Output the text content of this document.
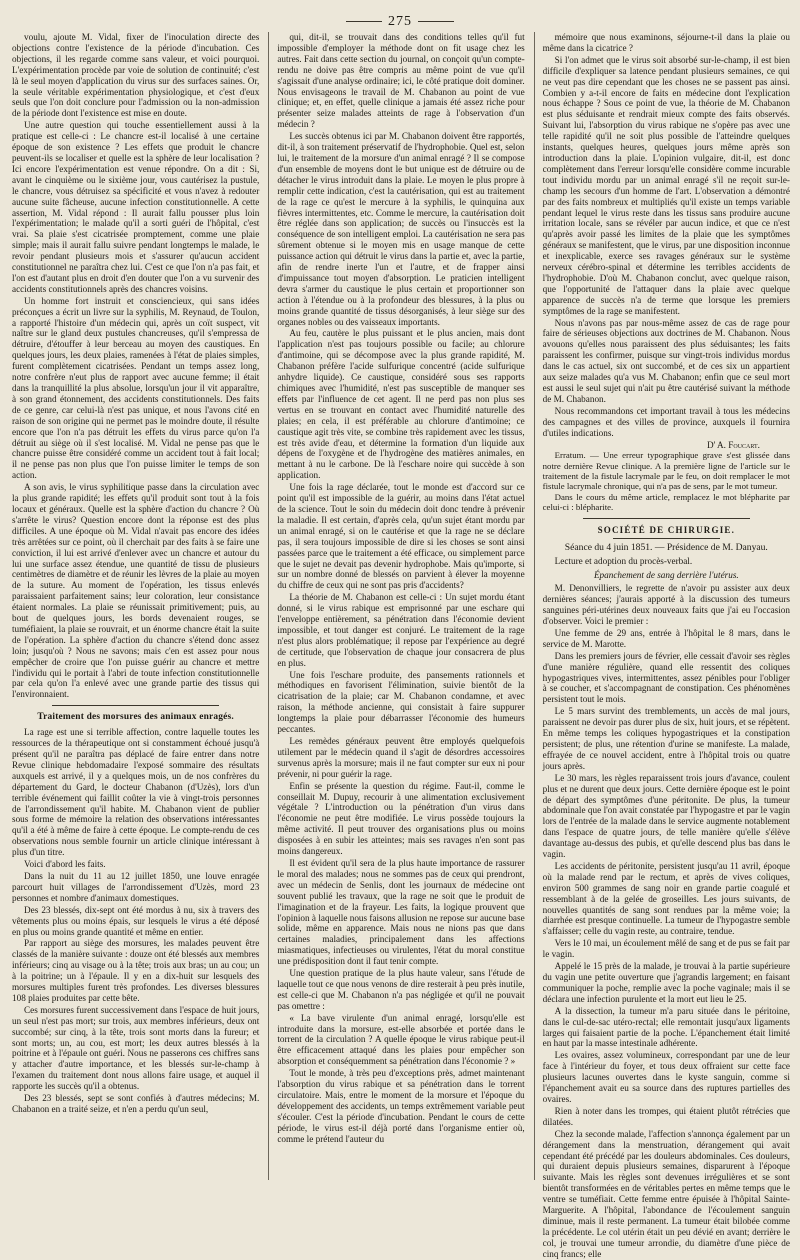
275

voulu, ajoute M. Vidal, fixer de l'inoculation directe des objections contre l'existence de la période d'incubation. Ces objections, il les regarde comme sans valeur, et voici pourquoi. L'expérimentation procède par voie de solution de continuité; c'est là le seul moyen d'application du virus sur des surfaces saines. Or, la seule véritable expérimentation physiologique, et c'est d'eux seuls que l'on doit conclure pour l'admission ou la non-admission de la période dont l'existence est mise en doute.

Une autre question qui touche essentiellement aussi à la pratique est celle-ci : Le chancre est-il localisé à une certaine époque de son existence ? Les effets que produit le chancre peuvent-ils se localiser et quelle est la sphère de leur localisation ? Ici encore l'expérimentation est venue répondre. On a dit : Si, avant le cinquième ou le sixième jour, vous cautérisez la pustule, le chancre, vous détruisez sa spécificité et vous n'avez à redouter aucune suite fâcheuse, aucune infection constitutionnelle. A cette assertion, M. Vidal répond : Il aurait fallu pousser plus loin l'expérimentation; le malade qu'il a sorti guéri de l'hôpital, c'est vrai. Sa plaie s'est cicatrisée promptement, comme une plaie simple; mais il aurait fallu suivre pendant longtemps le malade, le revoir pendant plusieurs mois et s'assurer qu'aucun accident constitutionnel ne paraîtra chez lui. C'est ce que l'on n'a pas fait, et l'on est d'autant plus en droit d'en douter que l'on a vu survenir des accidents constitutionnels après des chancres voisins.

Un homme fort instruit et consciencieux, qui sans idées préconçues a écrit un livre sur la syphilis, M. Reynaud, de Toulon, a rapporté l'histoire d'un médecin qui, après un coït suspect, vit naître sur le gland deux pustules chancreuses, qu'il s'empressa de détruire, d'étouffer à leur berceau au moyen des caustiques. En quelques jours, les deux plaies, ramenées à l'état de plaies simples, furent complètement cicatrisées. Pendant un temps assez long, notre confrère n'eut plus de rapport avec aucune femme; il était dans la tranquillité la plus absolue, lorsqu'un jour il vit apparaître, à son grand étonnement, des accidents constitutionnels. Des faits de ce genre, car celui-là n'est pas unique, et nous l'avons cité en raison de son origine qui ne permet pas le moindre doute, il résulte encore que l'on n'a pas détruit les effets du virus parce qu'on l'a détruit au siège où il s'est localisé. M. Vidal ne pense pas que le chancre puisse être considéré comme un accident tout à fait local; il ne pense pas non plus que l'on puisse limiter le temps de son action.

A son avis, le virus syphilitique passe dans la circulation avec la plus grande rapidité; les effets qu'il produit sont tout à la fois locaux et généraux. Quelle est la sphère d'action du chancre ? Où s'arrête le virus? Question encore dont la réponse est des plus difficiles. A une époque où M. Vidal n'avait pas encore des idées très arrêtées sur ce point, où il cherchait par des faits à se faire une conviction, il lui est arrivé d'enlever avec un chancre et autour du lui une surface assez étendue, une quantité de tissu de plusieurs centimètres de diamètre et de réunir les lèvres de la plaie au moyen de la suture. Au moment de l'opération, les tissus enlevés paraissaient parfaitement sains; leur coloration, leur consistance étaient normales. La plaie se réunissait primitivement; puis, au bout de quelques jours, les bords devenaient rouges, se tuméfiaient, la plaie se rouvrait, et un énorme chancre était la suite de l'opération. La sphère d'action du chancre s'étend donc assez loin; jusqu'où ? Nous ne savons; mais c'en est assez pour nous empêcher de croire que l'on puisse guérir au chancre et mettre l'individu qui le portait à l'abri de toute infection constitutionnelle par cela qu'on l'a enlevé avec une grande partie des tissus qui l'environnaient.

Traitement des morsures des animaux enragés.

La rage est une si terrible affection, contre laquelle toutes les ressources de la thérapeutique ont si constamment échoué jusqu'à présent qu'il ne paraîtra pas déplacé de faire entrer dans notre Revue clinique hebdomadaire l'exposé sommaire des résultats auxquels est arrivé, il y a quelques mois, un de nos confrères du département du Gard, le docteur Chabanon (d'Uzès), lors d'un terrible événement qui faillit coûter la vie à vingt-trois personnes de l'arrondissement qu'il habite. M. Chabanon vient de publier sous forme de mémoire la relation des observations intéressantes qu'il a été à même de faire à cette époque. Le compte-rendu de ces observations nous semble fournir un article clinique intéressant à plus d'un titre.

Voici d'abord les faits.

Dans la nuit du 11 au 12 juillet 1850, une louve enragée parcourt huit villages de l'arrondissement d'Uzès, mord 23 personnes et nombre d'animaux domestiques.

Des 23 blessés, dix-sept ont été mordus à nu, six à travers des vêtements plus ou moins épais, sur lesquels le virus a été déposé en plus ou moins grande quantité et même en entier.

Par rapport au siège des morsures, les malades peuvent être classés de la manière suivante : douze ont été blessés aux membres inférieurs; cinq au visage ou à la tête; trois aux bras; un au cou; un à la poitrine; un à l'épaule. Il y en a dix-huit sur lesquels des morsures multiples furent très profondes. Les diverses blessures 108 plaies produites par cette bête.

Ces morsures furent successivement dans l'espace de huit jours, un seul n'est pas mort; sur trois, aux membres inférieurs, deux ont succombé; sur cinq, à la tête, trois sont morts dans la fureur; et sont morts; un, au cou, est mort; les deux autres blessés à la poitrine et à l'épaule ont guéri. Nous ne passerons ces chiffres sans y attacher d'autre importance, et les blessés sur-le-champ à l'examen du traitement dont nous allons faire usage, et auquel il rapporte les succès qu'il a obtenus.

Des 23 blessés, sept se sont confiés à d'autres médecins; M. Chabanon en a traité seize, et n'en a perdu qu'un seul,

qui, dit-il, se trouvait dans des conditions telles qu'il fut impossible d'employer la méthode dont on fit usage chez les autres. Fait dans cette section du journal, on conçoit qu'un compte-rendu ne doive pas être compris au même point de vue qu'il s'agissait d'une analyse ordinaire; ici, le côté pratique doit dominer. Nous envisageons le travail de M. Chabanon au point de vue clinique; et, en effet, quelle clinique a jamais été assez riche pour présenter seize malades atteints de rage à l'observation d'un médecin ?

Les succès obtenus ici par M. Chabanon doivent être rapportés, dit-il, à son traitement préservatif de l'hydrophobie. Quel est, selon lui, le traitement de la morsure d'un animal enragé ? Il se compose d'un ensemble de moyens dont le but unique est de détruire ou de détacher le virus introduit dans la plaie. Le moyen le plus propre à remplir cette indication, c'est la cautérisation, qui est au traitement de la rage ce qu'est le mercure à la syphilis, le quinquina aux fièvres intermittentes, etc. Comme le mercure, la cautérisation doit être réglée dans son application; de succès ou l'insuccès est la conséquence de son intelligent emploi. La cautérisation ne sera pas sûrement obtenue si le moyen mis en usage manque de cette puissance action qui détruit le virus dans la partie et, avec la partie, afin de rendre inerte l'un et l'autre, et de frapper ainsi d'impuissance tout moyen d'absorption. Le praticien intelligent devra s'armer du caustique le plus certain et proportionner son action à l'étendue ou à la profondeur des blessures, à la plus ou moins grande quantité de tissus désorganisés, à leur siège sur des organes nobles ou des vaisseaux importants.

Au feu, cautère le plus puissant et le plus ancien, mais dont l'application n'est pas toujours possible ou facile; au chlorure d'antimoine, qui se décompose avec la plus grande rapidité, M. Chabanon préfère l'acide sulfurique concentré (acide sulfurique anhydre liquide). Ce caustique, considéré sous ses rapports chimiques avec l'humidité, n'est pas susceptible de manquer ses effets par l'influence de cet agent. Il ne perd pas non plus ses vertus en se trouvant en contact avec l'humidité naturelle des plaies; en cela, il est préférable au chlorure d'antimoine; ce caustique agit très vite, se combine très rapidement avec les tissus, est très avide d'eau, et détermine la formation d'un liquide aux dépens de l'oxygène et de l'hydrogène des matières animales, en mettant à nu le carbone. De là l'eschare noire qui succède à son application.

Une fois la rage déclarée, tout le monde est d'accord sur ce point qu'il est impossible de la guérir, au moins dans l'état actuel de la science. Tout le soin du médecin doit donc tendre à prévenir la maladie. Il est certain, d'après cela, qu'un sujet étant mordu par un animal enragé, si on le cautérise et que la rage ne se déclare pas, il sera toujours impossible de dire si les choses se sont ainsi passées parce que le traitement a été efficace, ou simplement parce que le sujet ne devait pas devenir hydrophobe. Mais qu'importe, si sur un nombre donné de blessés on parvient à élever la moyenne du chiffre de ceux qui ne sont pas pris d'accidents?

La théorie de M. Chabanon est celle-ci : Un sujet mordu étant donné, si le virus rabique est emprisonné par une eschare qui l'enveloppe entièrement, sa pénétration dans l'économie devient impossible, et tout danger est conjuré. Le traitement de la rage n'est plus alors problématique; il repose par l'expérience au degré de certitude, que l'observation de chaque jour consacrera de plus en plus.

Une fois l'eschare produite, des pansements rationnels et méthodiques en favorisent l'élimination, suivie bientôt de la cicatrisation de la plaie; car M. Chabanon condamne, et avec raison, la méthode ancienne, qui consistait à faire suppurer longtemps la plaie pour débarrasser l'économie des humeurs peccantes.

Les remèdes généraux peuvent être employés quelquefois utilement par le médecin quand il s'agit de désordres accessoires survenus après la morsure; mais il ne faut compter sur eux ni pour prévenir, ni pour guérir la rage.

Enfin se présente la question du régime. Faut-il, comme le conseillait M. Dupuy, recourir à une alimentation exclusivement végétale ? L'introduction ou la pénétration d'un virus dans l'économie ne peut être modifiée. Le virus possède toujours la même activité. Il peut trouver des organisations plus ou moins disposées à en subir les atteintes; mais ses ravages n'en sont pas moins dangereux.

Il est évident qu'il sera de la plus haute importance de rassurer le moral des malades; nous ne sommes pas de ceux qui prendront, avec un médecin de Senlis, dont les journaux de médecine ont souvent publié les travaux, que la rage ne soit que le produit de l'imagination et de la frayeur. Les faits, la logique prouvent que l'opinion à laquelle nous faisons allusion ne repose sur aucune base solide, même en apparence. Mais nous ne nions pas que dans certaines maladies, principalement dans les affections miasmatiques, infectieuses ou virulentes, l'état du moral constitue une prédisposition dont il faut tenir compte.

Une question pratique de la plus haute valeur, sans l'étude de laquelle tout ce que nous venons de dire resterait à peu près inutile, est celle-ci que M. Chabanon n'a pas négligée et qu'il ne pouvait pas omettre :

« La bave virulente d'un animal enragé, lorsqu'elle est introduite dans la morsure, est-elle absorbée et portée dans le torrent de la circulation ? A quelle époque le virus rabique peut-il être efficacement attaqué dans les plaies pour empêcher son absorption et conséquemment sa pénétration dans l'économie ? »

Tout le monde, à très peu d'exceptions près, admet maintenant l'absorption du virus rabique et sa pénétration dans le torrent circulatoire. Mais, entre le moment de la morsure et l'époque du développement des accidents, un temps extrêmement variable peut s'écouler. C'est la période d'incubation. Pendant le cours de cette période, le virus est-il déjà porté dans l'organisme entier où, comme le prétend l'auteur du

mémoire que nous examinons, séjourne-t-il dans la plaie ou même dans la cicatrice ?

Si l'on admet que le virus soit absorbé sur-le-champ, il est bien difficile d'expliquer sa latence pendant plusieurs semaines, ce qui ne veut pas dire cependant que les choses ne se passent pas ainsi. Combien y a-t-il encore de faits en médecine dont l'explication nous échappe ? Sous ce point de vue, la théorie de M. Chabanon est plus séduisante et rendrait mieux compte des faits observés. Suivant lui, l'absorption du virus rabique ne s'opère pas avec une telle rapidité qu'il ne soit plus possible de l'atteindre quelques instants, quelques heures, quelques jours même après son introduction dans la plaie. L'opinion vulgaire, dit-il, est donc complètement dans l'erreur lorsqu'elle considère comme incurable tout individu mordu par un animal enragé s'il ne reçoit sur-le-champ les secours d'un homme de l'art. L'observation a démontré par des faits nombreux et multipliés qu'il existe un temps variable pendant lequel le virus reste dans les tissus sans produire aucune irritation locale, sans se révéler par aucun indice, et que ce n'est qu'après avoir passé les limites de la plaie que les symptômes généraux se manifestent, que le virus, par une disposition inconnue et inexplicable, exerce ses ravages généraux sur le système nerveux cérébro-spinal et détermine les terribles accidents de l'hydrophobie. D'où M. Chabanon conclut, avec quelque raison, que l'opportunité de l'attaquer dans la plaie avec quelque apparence de succès n'a de terme que lorsque les premiers symptômes de la rage se manifestent.

Nous n'avons pas par nous-même assez de cas de rage pour faire de sérieuses objections aux doctrines de M. Chabanon. Nous avouons qu'elles nous paraissent des plus séduisantes; les faits paraissent les confirmer, puisque sur vingt-trois individus mordus dans le cas actuel, six ont succombé, et de ces six un appartient aux seize malades qu'a vus M. Chabanon; enfin que ce seul mort est aussi le seul sujet qui n'ait pu être cautérisé suivant la méthode de M. Chabanon.

Nous recommandons cet important travail à tous les médecins des campagnes et des villes de province, auxquels il fournira d'utiles indications.

D' A. Foucart.

Erratum. — Une erreur typographique grave s'est glissée dans notre dernière Revue clinique. A la première ligne de l'article sur le traitement de la fistule lacrymale par le feu, on doit remplacer le mot fistule lacrymale chronique, qui n'a pas de sens, par le mot tumeur.

Dans le cours du même article, remplacez le mot blépharite par celui-ci : blépharite.

SOCIÉTÉ DE CHIRURGIE.
Séance du 4 juin 1851. — Présidence de M. Danyau.

Lecture et adoption du procès-verbal.

Épanchement de sang derrière l'utérus.

M. Denonvilliers, le regrette de n'avoir pu assister aux deux dernières séances; j'aurais apporté à la discussion des tumeurs sanguines péri-utérines deux nouveaux faits que j'ai eu l'occasion d'observer. Voici le premier :

Une femme de 29 ans, entrée à l'hôpital le 8 mars, dans le service de M. Marotte.

Dans les premiers jours de février, elle cessait d'avoir ses règles d'une manière régulière, quand elle ressentit des coliques hypogastriques vives, intermittentes, assez pénibles pour l'obliger à se coucher, et s'accompagnant de constipation. Ces phénomènes persistent tout le mois.

Le 5 mars survint des tremblements, un accès de mal jours, paraissent ne devoir pas durer plus de six, huit jours, et se répètent. En même temps les coliques hypogastriques et la constipation persistent; de plus, une rétention d'urine se manifeste. La malade, effrayée de ce nouvel accident, entre à l'hôpital trois ou quatre jours après.

Le 30 mars, les règles reparaissent trois jours d'avance, coulent plus et ne durent que deux jours. Cette dernière époque est le point de départ des symptômes d'une péritonite. De plus, la tumeur abdominale que l'on avait constatée par l'hypogastre et par le vagin lors de l'entrée de la malade dans le service augmente notablement dans l'espace de quatre jours, de telle manière qu'elle s'élève davantage au-dessus des pubis, et qu'elle descend plus bas dans le vagin.

Les accidents de péritonite, persistent jusqu'au 11 avril, époque où la malade rend par le rectum, et après de vives coliques, environ 500 grammes de sang noir en grande partie coagulé et ressemblant à de la gelée de groseilles. Les jours suivants, de nouvelles quantités de sang sont rendues par la même voie; la diarrhée est presque continuelle. La tumeur de l'hypogastre semble s'affaisser; celle du vagin reste, au contraire, tendue.

Vers le 10 mai, un écoulement mêlé de sang et de pus se fait par le vagin.

Appelé le 15 près de la malade, je trouvai à la partie supérieure du vagin une petite ouverture que j'agrandis largement; en faisant communiquer la poche, remplie avec la poche vaginale; mais il se déclara une infection purulente et la mort eut lieu le 25.

A la dissection, la tumeur m'a paru située dans le péritoine, dans le cul-de-sac utéro-rectal; elle remontait jusqu'aux ligaments larges qui faisaient partie de la poche. L'épanchement était limité en haut par la masse intestinale adhérente.

Les ovaires, assez volumineux, correspondant par une de leur face à l'intérieur du foyer, et tous deux offraient sur cette face plusieurs lacunes ouvertes dans le kyste sanguin, comme si l'épanchement avait eu sa source dans des ruptures partielles des ovaires.

Rien à noter dans les trompes, qui étaient plutôt rétrécies que dilatées.

Chez la seconde malade, l'affection s'annonça également par un dérangement dans la menstruation, dérangement qui avait cependant été précédé par les douleurs abdominales. Ces douleurs, qui duraient depuis plusieurs semaines, disparurent à l'époque suivante. Mais les règles sont devenues irrégulières et se sont bientôt transformées en de véritables pertes en même temps que le ventre se tuméfiait. Cette femme entre épuisée à l'hôpital Sainte-Marguerite. A l'hôpital, l'abondance de l'écoulement sanguin diminue, mais il reste permanent. La tumeur était bilobée comme la précédente. Le col utérin était un peu dévié en avant; derrière le col, je trouvai une tumeur arrondie, du diamètre d'une pièce de cinq francs; elle
